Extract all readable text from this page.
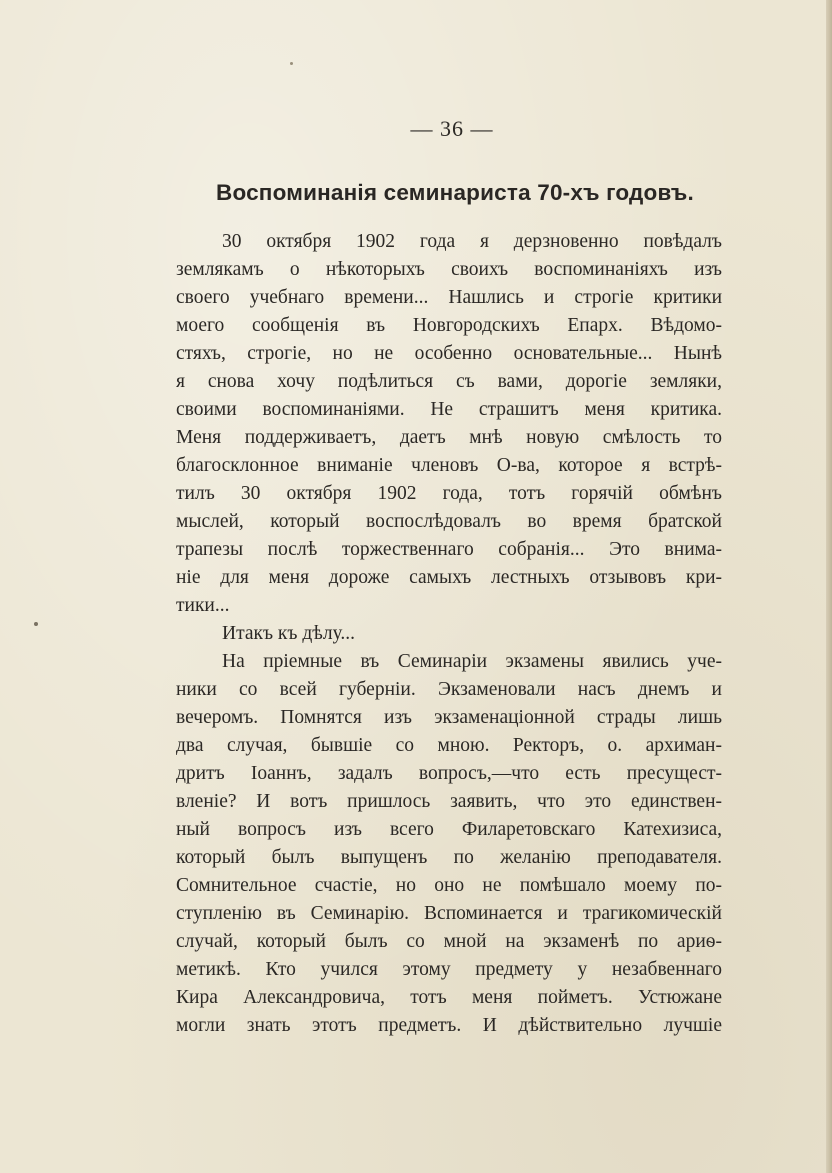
— 36 —
Воспоминанія семинариста 70-хъ годовъ.
30 октября 1902 года я дерзновенно повѣдалъ
землякамъ о нѣкоторыхъ своихъ воспоминаніяхъ изъ
своего учебнаго времени... Нашлись и строгіе критики
моего сообщенія въ Новгородскихъ Епарх. Вѣдомо-
стяхъ, строгіе, но не особенно основательные... Нынѣ
я снова хочу подѣлиться съ вами, дорогіе земляки,
своими воспоминаніями. Не страшитъ меня критика.
Меня поддерживаетъ, даетъ мнѣ новую смѣлость то
благосклонное вниманіе членовъ О-ва, которое я встрѣ-
тилъ 30 октября 1902 года, тотъ горячій обмѣнъ
мыслей, который воспослѣдовалъ во время братской
трапезы послѣ торжественнаго собранія... Это внима-
ніе для меня дороже самыхъ лестныхъ отзывовъ кри-
тики...
Итакъ къ дѣлу...
На пріемные въ Семинаріи экзамены явились уче-
ники со всей губерніи. Экзаменовали насъ днемъ и
вечеромъ. Помнятся изъ экзаменаціонной страды лишь
два случая, бывшіе со мною. Ректоръ, о. архиман-
дритъ Іоаннъ, задалъ вопросъ,—что есть пресущест-
вленіе? И вотъ пришлось заявить, что это единствен-
ный вопросъ изъ всего Филаретовскаго Катехизиса,
который былъ выпущенъ по желанію преподавателя.
Сомнительное счастіе, но оно не помѣшало моему по-
ступленію въ Семинарію. Вспоминается и трагикомическій
случай, который былъ со мной на экзаменѣ по ариѳ-
метикѣ. Кто учился этому предмету у незабвеннаго
Кира Александровича, тотъ меня пойметъ. Устюжане
могли знать этотъ предметъ. И дѣйствительно лучшіе
